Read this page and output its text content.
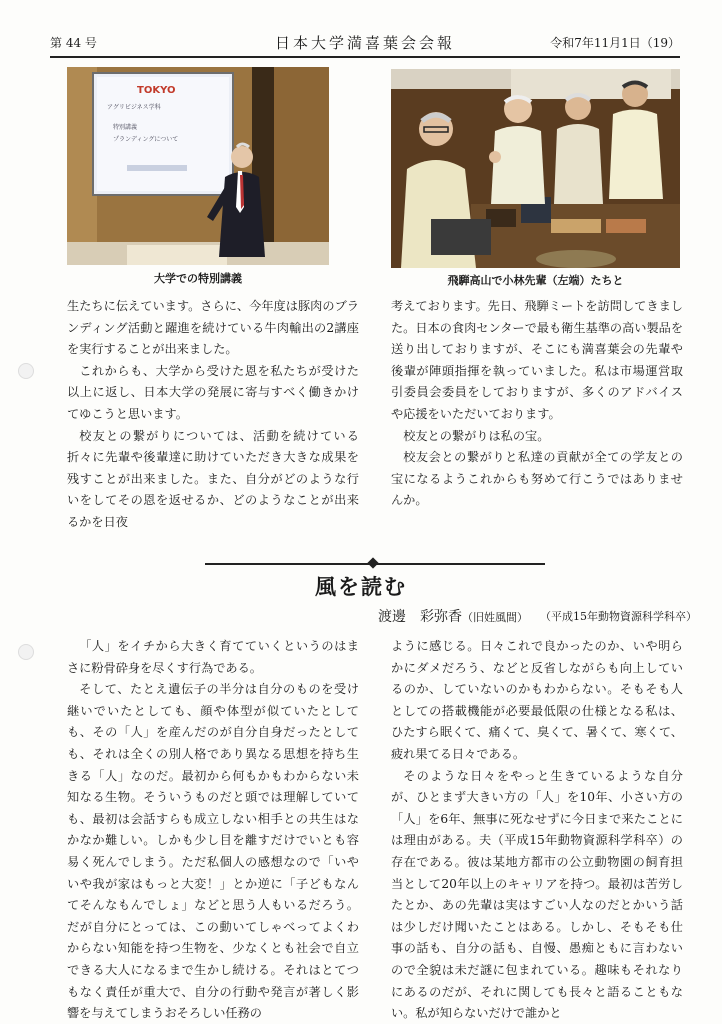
第 44 号	日本大学満喜葉会会報	令和7年11月1日（19）
TOKYO
アグリビジネス学科
特別講義
プランディングについて
大学での特別講義	飛騨高山で小林先輩（左端）たちと

生たちに伝えています。さらに、今年度は豚肉のブランディング活動と躍進を続けている牛肉輸出の2講座を実行することが出来ました。

これからも、大学から受けた恩を私たちが受けた以上に返し、日本大学の発展に寄与すべく働きかけてゆこうと思います。

校友との繋がりについては、活動を続けている折々に先輩や後輩達に助けていただき大きな成果を残すことが出来ました。また、自分がどのような行いをしてその恩を返せるか、どのようなことが出来るかを日夜

考えております。先日、飛騨ミートを訪問してきました。日本の食肉センターで最も衛生基準の高い製品を送り出しておりますが、そこにも満喜葉会の先輩や後輩が陣頭指揮を執っていました。私は市場運営取引委員会委員をしておりますが、多くのアドバイスや応援をいただいております。

校友との繋がりは私の宝。

校友会との繋がりと私達の貢献が全ての学友との宝になるようこれからも努めて行こうではありませんか。

風を読む
渡邊　彩弥香（旧姓風間） （平成15年動物資源科学科卒）

「人」をイチから大きく育てていくというのはまさに粉骨砕身を尽くす行為である。

そして、たとえ遺伝子の半分は自分のものを受け継いでいたとしても、顔や体型が似ていたとしても、その「人」を産んだのが自分自身だったとしても、それは全くの別人格であり異なる思想を持ち生きる「人」なのだ。最初から何もかもわからない未知なる生物。そういうものだと頭では理解していても、最初は会話すらも成立しない相手との共生はなかなか難しい。しかも少し目を離すだけでいとも容易く死んでしまう。ただ私個人の感想なので「いやいや我が家はもっと大変！」とか逆に「子どもなんてそんなもんでしょ」などと思う人もいるだろう。だが自分にとっては、この動いてしゃべってよくわからない知能を持つ生物を、少なくとも社会で自立できる大人になるまで生かし続ける。それはとてつもなく責任が重大で、自分の行動や発言が著しく影響を与えてしまうおそろしい任務の

ように感じる。日々これで良かったのか、いや明らかにダメだろう、などと反省しながらも向上しているのか、していないのかもわからない。そもそも人としての搭載機能が必要最低限の仕様となる私は、ひたすら眠くて、痛くて、臭くて、暑くて、寒くて、疲れ果てる日々である。

そのような日々をやっと生きているような自分が、ひとまず大きい方の「人」を10年、小さい方の「人」を6年、無事に死なせずに今日まで来たことには理由がある。夫（平成15年動物資源科学科卒）の存在である。彼は某地方都市の公立動物園の飼育担当として20年以上のキャリアを持つ。最初は苦労したとか、あの先輩は実はすごい人なのだとかいう話は少しだけ聞いたことはある。しかし、そもそも仕事の話も、自分の話も、自慢、愚痴ともに言わないので全貌は未だ謎に包まれている。趣味もそれなりにあるのだが、それに関しても長々と語ることもない。私が知らないだけで誰かと
